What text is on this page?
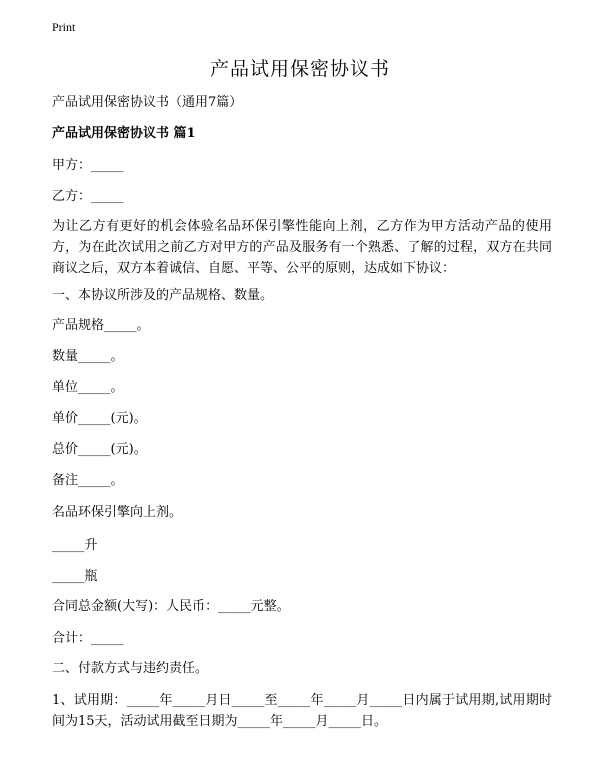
Print
产品试用保密协议书
产品试用保密协议书（通用7篇）
产品试用保密协议书 篇1
甲方：_____
乙方：_____
为让乙方有更好的机会体验名品环保引擎性能向上剂，乙方作为甲方活动产品的使用方，为在此次试用之前乙方对甲方的产品及服务有一个熟悉、了解的过程，双方在共同商议之后，双方本着诚信、自愿、平等、公平的原则，达成如下协议：
一、本协议所涉及的产品规格、数量。
产品规格_____。
数量_____。
单位_____。
单价_____(元)。
总价_____(元)。
备注_____。
名品环保引擎向上剂。
_____升
_____瓶
合同总金额(大写)：人民币：_____元整。
合计：_____
二、付款方式与违约责任。
1、试用期：_____年_____月日_____至_____年_____月_____日内属于试用期,试用期时间为15天，活动试用截至日期为_____年_____月_____日。
